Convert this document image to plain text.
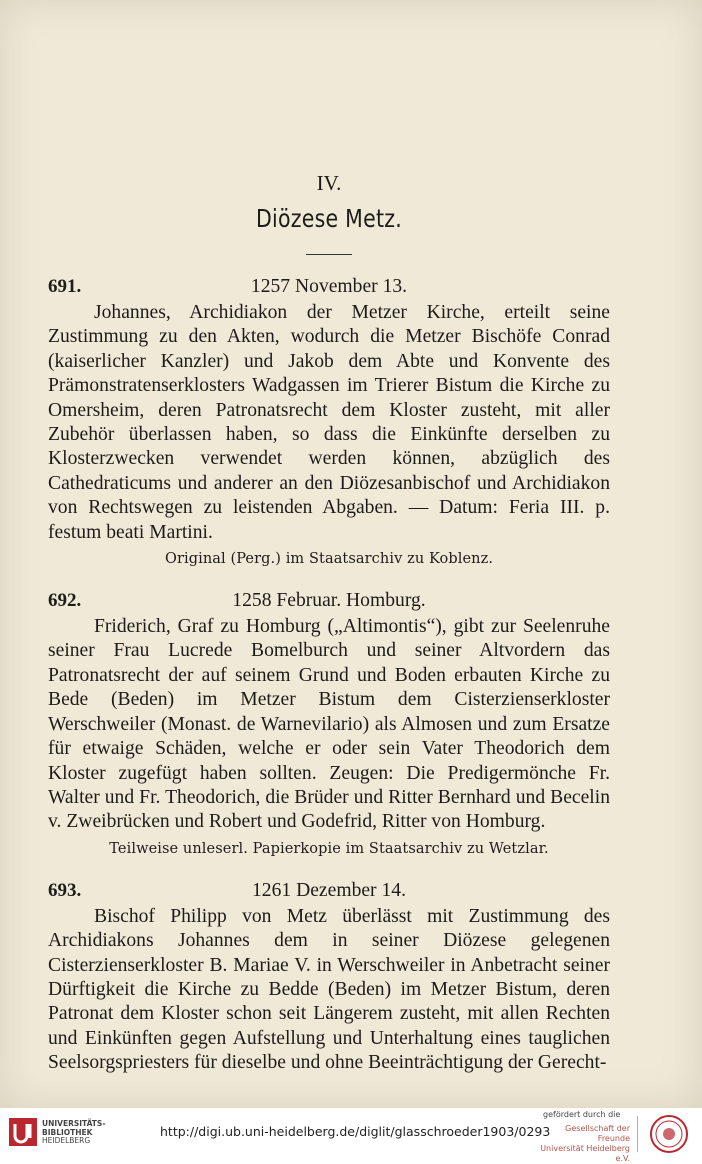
IV.
Diözese Metz.
691.	1257 November 13.

Johannes, Archidiakon der Metzer Kirche, erteilt seine Zustimmung zu den Akten, wodurch die Metzer Bischöfe Conrad (kaiserlicher Kanzler) und Jakob dem Abte und Konvente des Prämonstratenserklosters Wadgassen im Trierer Bistum die Kirche zu Omersheim, deren Patronatsrecht dem Kloster zusteht, mit aller Zubehör überlassen haben, so dass die Einkünfte derselben zu Klosterzwecken verwendet werden können, abzüglich des Cathedraticums und anderer an den Diözesanbischof und Archidiakon von Rechtswegen zu leistenden Abgaben. — Datum: Feria III. p. festum beati Martini.

Original (Perg.) im Staatsarchiv zu Koblenz.
692.	1258 Februar. Homburg.

Friderich, Graf zu Homburg („Altimontis“), gibt zur Seelenruhe seiner Frau Lucrede Bomelburch und seiner Altvordern das Patronatsrecht der auf seinem Grund und Boden erbauten Kirche zu Bede (Beden) im Metzer Bistum dem Cisterzienserkloster Werschweiler (Monast. de Warnevilario) als Almosen und zum Ersatze für etwaige Schäden, welche er oder sein Vater Theodorich dem Kloster zugefügt haben sollten. Zeugen: Die Predigermönche Fr. Walter und Fr. Theodorich, die Brüder und Ritter Bernhard und Becelin v. Zweibrücken und Robert und Godefrid, Ritter von Homburg.

Teilweise unleserl. Papierkopie im Staatsarchiv zu Wetzlar.
693.	1261 Dezember 14.

Bischof Philipp von Metz überlässt mit Zustimmung des Archidiakons Johannes dem in seiner Diözese gelegenen Cisterzienserkloster B. Mariae V. in Werschweiler in Anbetracht seiner Dürftigkeit die Kirche zu Bedde (Beden) im Metzer Bistum, deren Patronat dem Kloster schon seit Längerem zusteht, mit allen Rechten und Einkünften gegen Aufstellung und Unterhaltung eines tauglichen Seelsorgspriesters für dieselbe und ohne Beeinträchtigung der Gerecht-

UNIVERSITÄTS-
BIBLIOTHEK
HEIDELBERG
http://digi.ub.uni-heidelberg.de/diglit/glasschroeder1903/0293
gefördert durch die
Gesellschaft der Freunde
Universität Heidelberg e.V.
